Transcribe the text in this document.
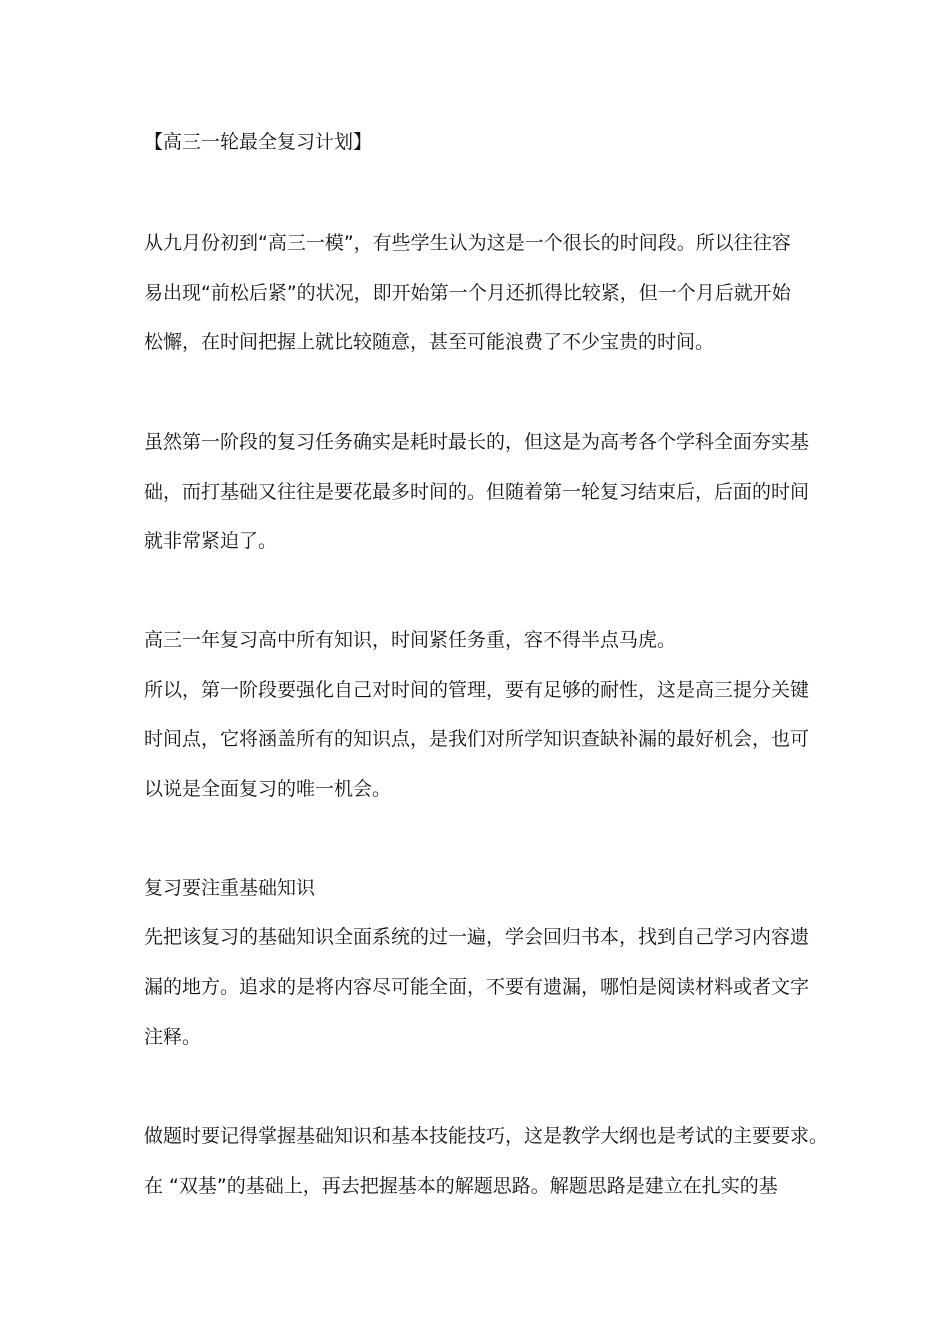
【高三一轮最全复习计划】
从九月份初到“高三一模”，有些学生认为这是一个很长的时间段。所以往往容
易出现“前松后紧”的状况，即开始第一个月还抓得比较紧，但一个月后就开始
松懈，在时间把握上就比较随意，甚至可能浪费了不少宝贵的时间。
虽然第一阶段的复习任务确实是耗时最长的，但这是为高考各个学科全面夯实基
础，而打基础又往往是要花最多时间的。但随着第一轮复习结束后，后面的时间
就非常紧迫了。
高三一年复习高中所有知识，时间紧任务重，容不得半点马虎。
所以，第一阶段要强化自己对时间的管理，要有足够的耐性，这是高三提分关键
时间点，它将涵盖所有的知识点，是我们对所学知识查缺补漏的最好机会，也可
以说是全面复习的唯一机会。
复习要注重基础知识
先把该复习的基础知识全面系统的过一遍，学会回归书本，找到自己学习内容遗
漏的地方。追求的是将内容尽可能全面，不要有遗漏，哪怕是阅读材料或者文字
注释。
做题时要记得掌握基础知识和基本技能技巧，这是教学大纲也是考试的主要要求。
在 “双基”的基础上，再去把握基本的解题思路。解题思路是建立在扎实的基
